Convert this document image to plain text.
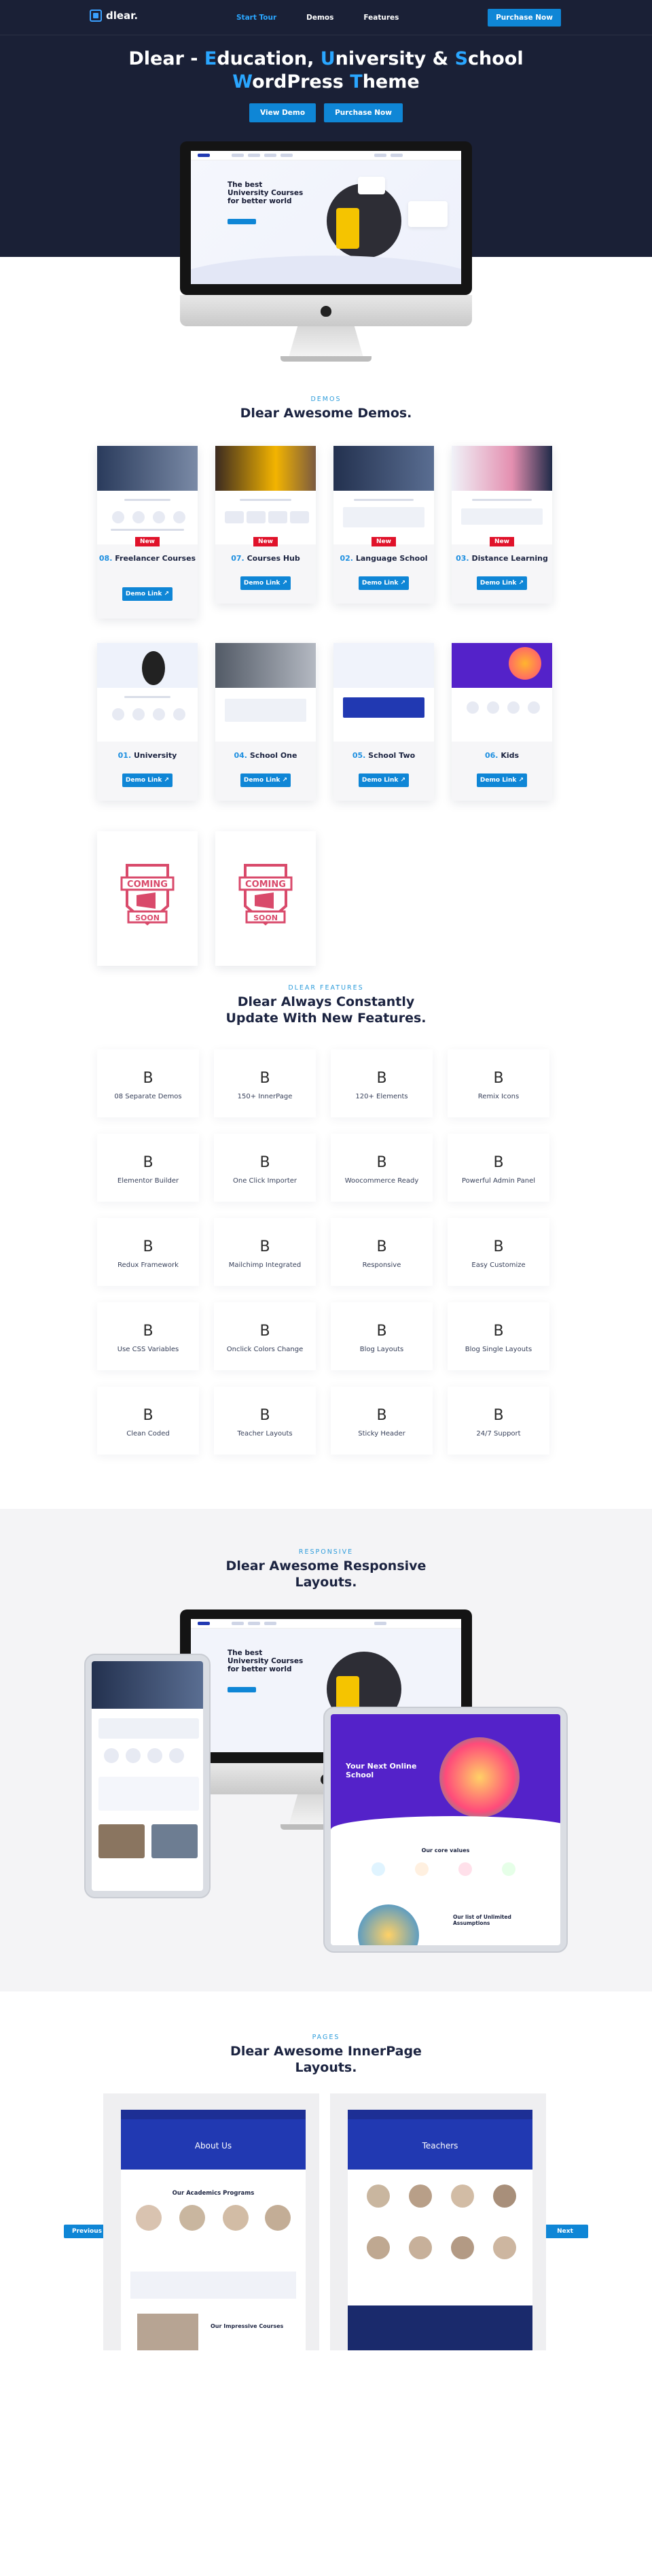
dlear.	Start Tour	Demos	Features	Purchase Now
Dlear - Education, University & School
WordPress Theme
View Demo	Purchase Now
The best University Courses for better world
DEMOS
Dlear Awesome Demos.
New
08. Freelancer Courses
Demo Link ↗
New
07. Courses Hub
Demo Link ↗
New
02. Language School
Demo Link ↗
New
03. Distance Learning
Demo Link ↗
01. University
Demo Link ↗
04. School One
Demo Link ↗
05. School Two
Demo Link ↗
06. Kids
Demo Link ↗
COMING
SOON
COMING
SOON
DLEAR FEATURES
Dlear Always Constantly
Update With New Features.
B
08 Separate Demos
B
150+ InnerPage
B
120+ Elements
B
Remix Icons
B
Elementor Builder
B
One Click Importer
B
Woocommerce Ready
B
Powerful Admin Panel
B
Redux Framework
B
Mailchimp Integrated
B
Responsive
B
Easy Customize
B
Use CSS Variables
B
Onclick Colors Change
B
Blog Layouts
B
Blog Single Layouts
B
Clean Coded
B
Teacher Layouts
B
Sticky Header
B
24/7 Support
RESPONSIVE
Dlear Awesome Responsive
Layouts.
The best University Courses for better world
Your Next Online School
Our core values
Our list of Unlimited Assumptions
PAGES
Dlear Awesome InnerPage
Layouts.
Previous	Next
About Us
Our Academics Programs
Our Impressive Courses
Teachers
